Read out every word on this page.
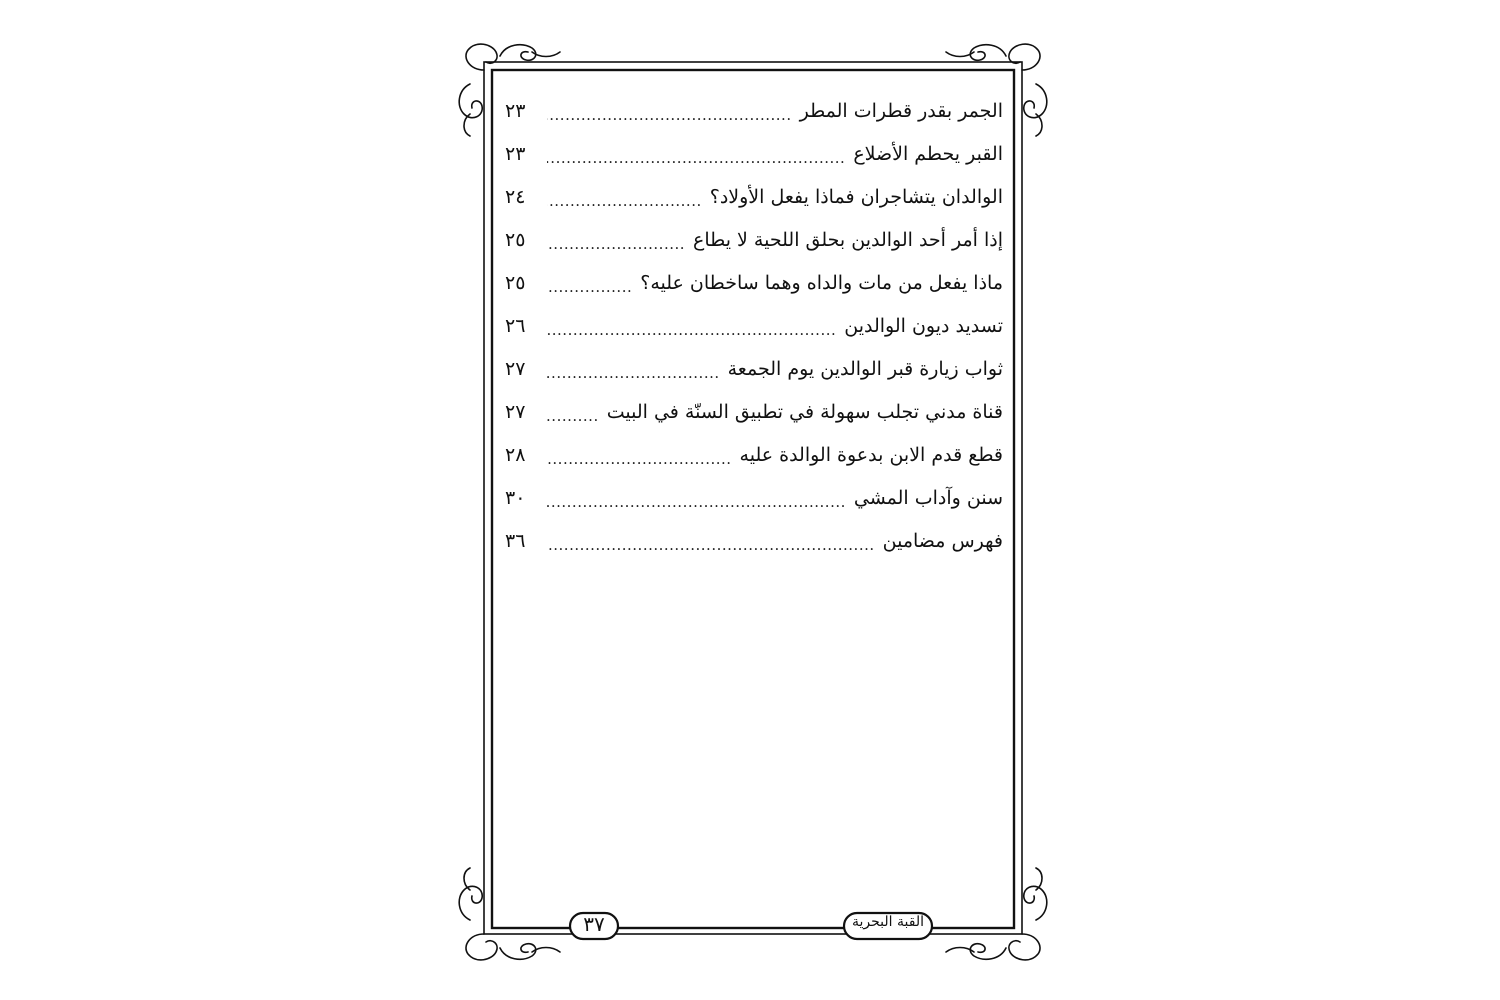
الجمر بقدر قطرات المطر
.....
٢٣
القبر يحطم الأضلاع
.....
٢٣
الوالدان يتشاجران فماذا يفعل الأولاد؟
.....
٢٤
إذا أمر أحد الوالدين بحلق اللحية لا يطاع
.....
٢٥
ماذا يفعل من مات والداه وهما ساخطان عليه؟
.....
٢٥
تسديد ديون الوالدين
.....
٢٦
ثواب زيارة قبر الوالدين يوم الجمعة
.....
٢٧
قناة مدني تجلب سهولة في تطبيق السنّة في البيت
.....
٢٧
قطع قدم الابن بدعوة الوالدة عليه
.....
٢٨
سنن وآداب المشي
.....
٣٠
فهرس مضامين
.....
٣٦
القبة البحرية
٣٧
